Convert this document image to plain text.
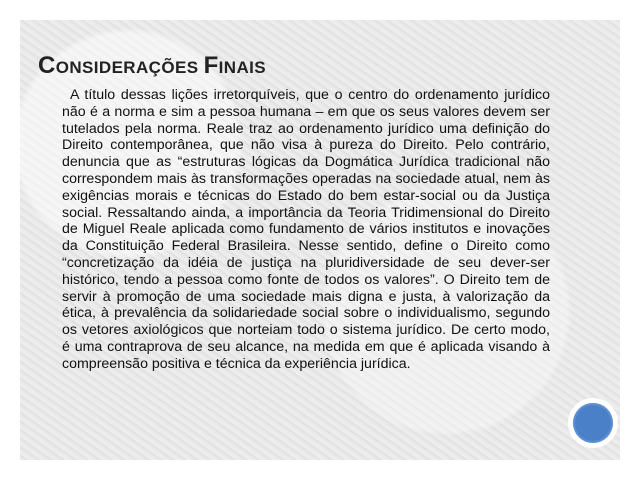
CONSIDERAÇÕES FINAIS

A título dessas lições irretorquíveis, que o centro do ordenamento jurídico não é a norma e sim a pessoa humana – em que os seus valores devem ser tutelados pela norma. Reale traz ao ordenamento jurídico uma definição do Direito contemporânea, que não visa à pureza do Direito. Pelo contrário, denuncia que as “estruturas lógicas da Dogmática Jurídica tradicional não correspondem mais às transformações operadas na sociedade atual, nem às exigências morais e técnicas do Estado do bem estar-social ou da Justiça social. Ressaltando ainda, a importância da Teoria Tridimensional do Direito de Miguel Reale aplicada como fundamento de vários institutos e inovações da Constituição Federal Brasileira. Nesse sentido, define o Direito como “concretização da idéia de justiça na pluridiversidade de seu dever-ser histórico, tendo a pessoa como fonte de todos os valores”. O Direito tem de servir à promoção de uma sociedade mais digna e justa, à valorização da ética, à prevalência da solidariedade social sobre o individualismo, segundo os vetores axiológicos que norteiam todo o sistema jurídico. De certo modo, é uma contraprova de seu alcance, na medida em que é aplicada visando à compreensão positiva e técnica da experiência jurídica.
